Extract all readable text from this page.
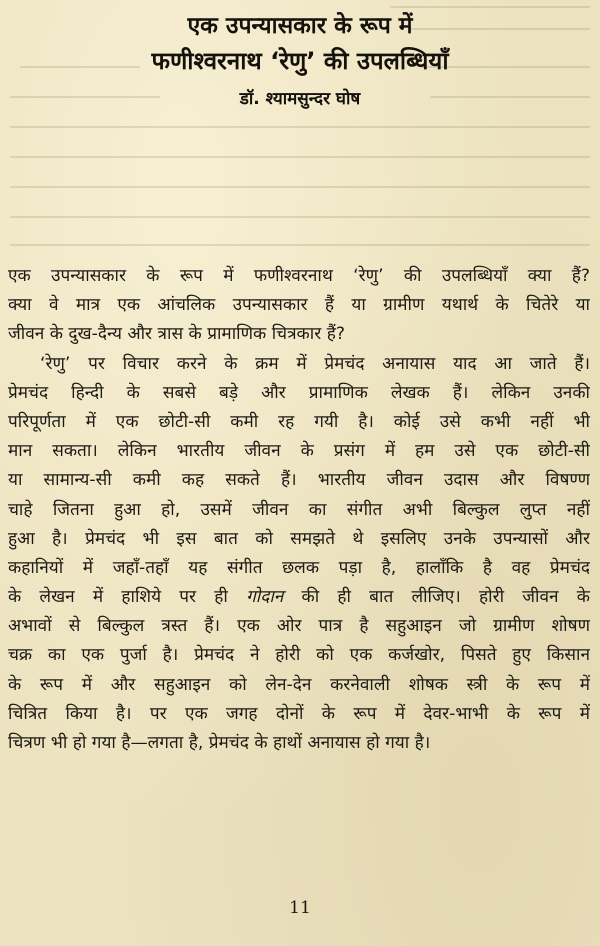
एक उपन्यासकार के रूप में
फणीश्वरनाथ ‘रेणु’ की उपलब्धियाँ
डॉ. श्यामसुन्दर घोष
एक उपन्यासकार के रूप में फणीश्वरनाथ ‘रेणु’ की उपलब्धियाँ क्या हैं?
क्या वे मात्र एक आंचलिक उपन्यासकार हैं या ग्रामीण यथार्थ के चितेरे या
जीवन के दुख-दैन्य और त्रास के प्रामाणिक चित्रकार हैं?
‘रेणु’ पर विचार करने के क्रम में प्रेमचंद अनायास याद आ जाते हैं।
प्रेमचंद हिन्दी के सबसे बड़े और प्रामाणिक लेखक हैं। लेकिन उनकी
परिपूर्णता में एक छोटी-सी कमी रह गयी है। कोई उसे कभी नहीं भी
मान सकता। लेकिन भारतीय जीवन के प्रसंग में हम उसे एक छोटी-सी
या सामान्य-सी कमी कह सकते हैं। भारतीय जीवन उदास और विषण्ण
चाहे जितना हुआ हो, उसमें जीवन का संगीत अभी बिल्कुल लुप्त नहीं
हुआ है। प्रेमचंद भी इस बात को समझते थे इसलिए उनके उपन्यासों और
कहानियों में जहाँ-तहाँ यह संगीत छलक पड़ा है, हालाँकि है वह प्रेमचंद
के लेखन में हाशिये पर ही गोदान की ही बात लीजिए। होरी जीवन के
अभावों से बिल्कुल त्रस्त हैं। एक ओर पात्र है सहुआइन जो ग्रामीण शोषण
चक्र का एक पुर्जा है। प्रेमचंद ने होरी को एक कर्जखोर, पिसते हुए किसान
के रूप में और सहुआइन को लेन-देन करनेवाली शोषक स्त्री के रूप में
चित्रित किया है। पर एक जगह दोनों के रूप में देवर-भाभी के रूप में
चित्रण भी हो गया है—लगता है, प्रेमचंद के हाथों अनायास हो गया है।
11
